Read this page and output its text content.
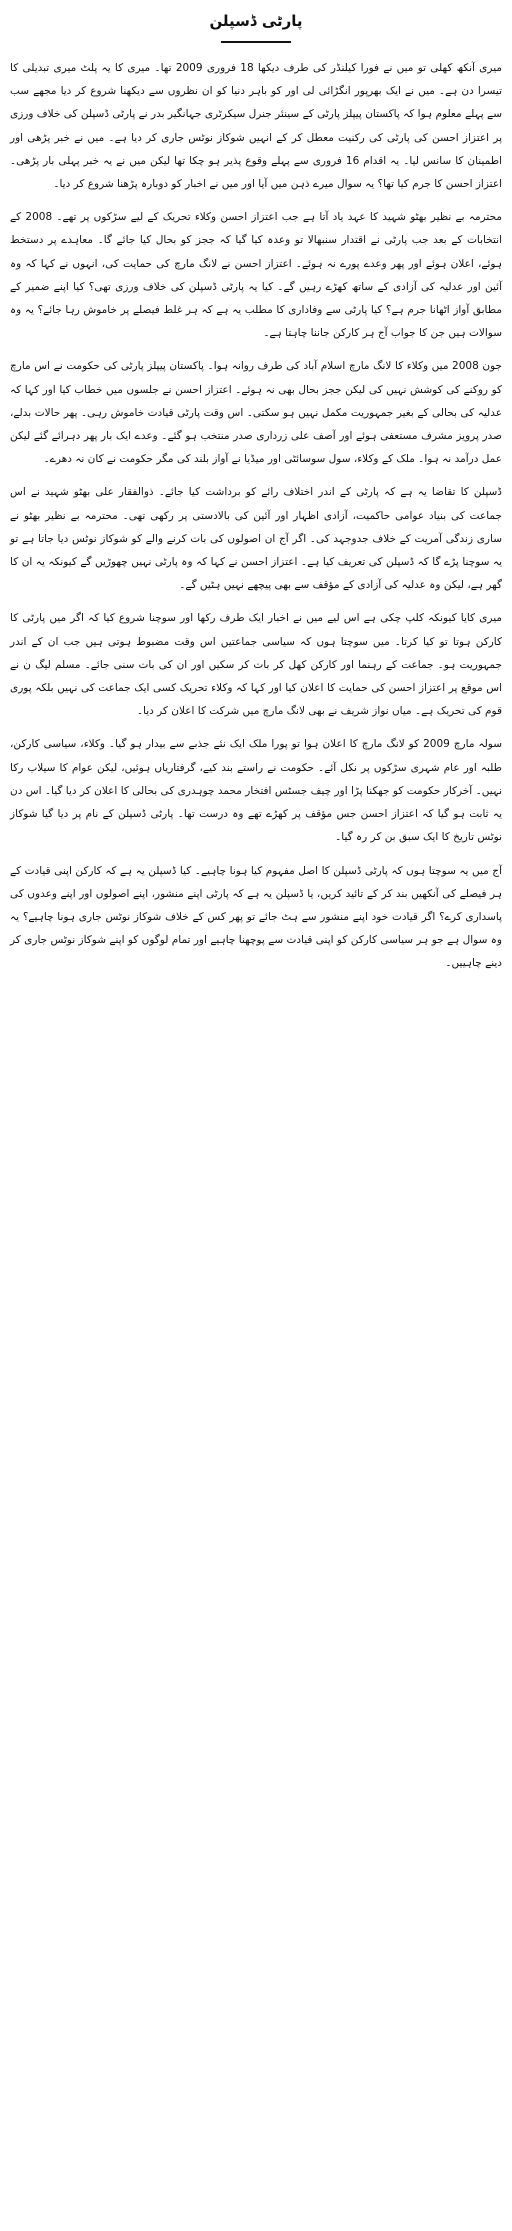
پارٹی ڈسپلن

میری آنکھ کھلی تو میں نے فورا کیلنڈر کی طرف دیکھا 18 فروری 2009 تھا۔ میری کا یہ پلٹ میری تبدیلی کا تیسرا دن ہے۔ میں نے ایک بھرپور انگڑائی لی اور کو باہر دنیا کو ان نظروں سے دیکھنا شروع کر دیا مجھے سب سے پہلے معلوم ہوا کہ پاکستان پیپلز پارٹی کے سینئر جنرل سیکرٹری جہانگیر بدر نے پارٹی ڈسپلن کی خلاف ورزی پر اعتزاز احسن کی پارٹی کی رکنیت معطل کر کے انہیں شوکاز نوٹس جاری کر دیا ہے۔ میں نے خبر پڑھی اور اطمینان کا سانس لیا۔ یہ اقدام 16 فروری سے پہلے وقوع پذیر ہو چکا تھا لیکن میں نے یہ خبر پہلی بار پڑھی۔ اعتزاز احسن کا جرم کیا تھا؟ یہ سوال میرے ذہن میں آیا اور میں نے اخبار کو دوبارہ پڑھنا شروع کر دیا۔

محترمہ بے نظیر بھٹو شہید کا عہد یاد آتا ہے جب اعتزاز احسن وکلاء تحریک کے لیے سڑکوں پر تھے۔ 2008 کے انتخابات کے بعد جب پارٹی نے اقتدار سنبھالا تو وعدہ کیا گیا کہ ججز کو بحال کیا جائے گا۔ معاہدے پر دستخط ہوئے، اعلان ہوئے اور پھر وعدے پورے نہ ہوئے۔ اعتزاز احسن نے لانگ مارچ کی حمایت کی، انہوں نے کہا کہ وہ آئین اور عدلیہ کی آزادی کے ساتھ کھڑے رہیں گے۔ کیا یہ پارٹی ڈسپلن کی خلاف ورزی تھی؟ کیا اپنے ضمیر کے مطابق آواز اٹھانا جرم ہے؟ کیا پارٹی سے وفاداری کا مطلب یہ ہے کہ ہر غلط فیصلے پر خاموش رہا جائے؟ یہ وہ سوالات ہیں جن کا جواب آج ہر کارکن جاننا چاہتا ہے۔

جون 2008 میں وکلاء کا لانگ مارچ اسلام آباد کی طرف روانہ ہوا۔ پاکستان پیپلز پارٹی کی حکومت نے اس مارچ کو روکنے کی کوشش نہیں کی لیکن ججز بحال بھی نہ ہوئے۔ اعتزاز احسن نے جلسوں میں خطاب کیا اور کہا کہ عدلیہ کی بحالی کے بغیر جمہوریت مکمل نہیں ہو سکتی۔ اس وقت پارٹی قیادت خاموش رہی۔ پھر حالات بدلے، صدر پرویز مشرف مستعفی ہوئے اور آصف علی زرداری صدر منتخب ہو گئے۔ وعدے ایک بار پھر دہرائے گئے لیکن عمل درآمد نہ ہوا۔ ملک کے وکلاء، سول سوسائٹی اور میڈیا نے آواز بلند کی مگر حکومت نے کان نہ دھرے۔

ڈسپلن کا تقاضا یہ ہے کہ پارٹی کے اندر اختلاف رائے کو برداشت کیا جائے۔ ذوالفقار علی بھٹو شہید نے اس جماعت کی بنیاد عوامی حاکمیت، آزادی اظہار اور آئین کی بالادستی پر رکھی تھی۔ محترمہ بے نظیر بھٹو نے ساری زندگی آمریت کے خلاف جدوجہد کی۔ اگر آج ان اصولوں کی بات کرنے والے کو شوکاز نوٹس دیا جاتا ہے تو یہ سوچنا پڑے گا کہ ڈسپلن کی تعریف کیا ہے۔ اعتزاز احسن نے کہا کہ وہ پارٹی نہیں چھوڑیں گے کیونکہ یہ ان کا گھر ہے، لیکن وہ عدلیہ کی آزادی کے مؤقف سے بھی پیچھے نہیں ہٹیں گے۔

میری کایا کیونکہ کلپ چکی ہے اس لیے میں نے اخبار ایک طرف رکھا اور سوچنا شروع کیا کہ اگر میں پارٹی کا کارکن ہوتا تو کیا کرتا۔ میں سوچتا ہوں کہ سیاسی جماعتیں اس وقت مضبوط ہوتی ہیں جب ان کے اندر جمہوریت ہو۔ جماعت کے رہنما اور کارکن کھل کر بات کر سکیں اور ان کی بات سنی جائے۔ مسلم لیگ ن نے اس موقع پر اعتزاز احسن کی حمایت کا اعلان کیا اور کہا کہ وکلاء تحریک کسی ایک جماعت کی نہیں بلکہ پوری قوم کی تحریک ہے۔ میاں نواز شریف نے بھی لانگ مارچ میں شرکت کا اعلان کر دیا۔

سولہ مارچ 2009 کو لانگ مارچ کا اعلان ہوا تو پورا ملک ایک نئے جذبے سے بیدار ہو گیا۔ وکلاء، سیاسی کارکن، طلبہ اور عام شہری سڑکوں پر نکل آئے۔ حکومت نے راستے بند کیے، گرفتاریاں ہوئیں، لیکن عوام کا سیلاب رکا نہیں۔ آخرکار حکومت کو جھکنا پڑا اور چیف جسٹس افتخار محمد چوہدری کی بحالی کا اعلان کر دیا گیا۔ اس دن یہ ثابت ہو گیا کہ اعتزاز احسن جس مؤقف پر کھڑے تھے وہ درست تھا۔ پارٹی ڈسپلن کے نام پر دیا گیا شوکاز نوٹس تاریخ کا ایک سبق بن کر رہ گیا۔

آج میں یہ سوچتا ہوں کہ پارٹی ڈسپلن کا اصل مفہوم کیا ہونا چاہیے۔ کیا ڈسپلن یہ ہے کہ کارکن اپنی قیادت کے ہر فیصلے کی آنکھیں بند کر کے تائید کریں، یا ڈسپلن یہ ہے کہ پارٹی اپنے منشور، اپنے اصولوں اور اپنے وعدوں کی پاسداری کرے؟ اگر قیادت خود اپنے منشور سے ہٹ جائے تو پھر کس کے خلاف شوکاز نوٹس جاری ہونا چاہیے؟ یہ وہ سوال ہے جو ہر سیاسی کارکن کو اپنی قیادت سے پوچھنا چاہیے اور تمام لوگوں کو اپنے شوکاز نوٹس جاری کر دینے چاہییں۔
